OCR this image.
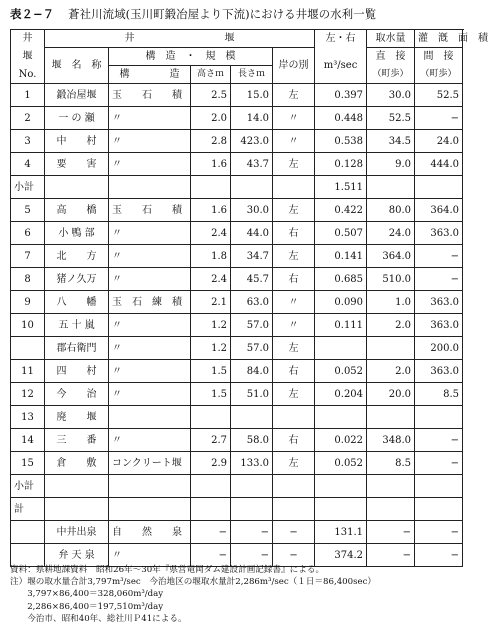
表２−７ 蒼社川流域(玉川町鍛冶屋より下流)における井堰の水利一覧
井	井　　　　　　　　　堰					左・右	取水量	灌　漑　面　積
堰	堰　名　称	構　造　・　規　模			岸の別	m³/sec	直　接	間　接
No.		構　　　　造	高さｍ	長さｍ			（町歩）	（町歩）
1	鍛冶屋堰	玉　　石　　積	2.5	15.0	左	0.397	30.0	52.5
2	一 の 瀬	〃	2.0	14.0	〃	0.448	52.5	−
3	中　　村	〃	2.8	423.0	〃	0.538	34.5	24.0
4	要　　害	〃	1.6	43.7	左	0.128	9.0	444.0
小計						1.511		
5	高　　橋	玉　　石　　積	1.6	30.0	左	0.422	80.0	364.0
6	小 鴨 部	〃	2.4	44.0	右	0.507	24.0	363.0
7	北　　方	〃	1.8	34.7	左	0.141	364.0	−
8	猪ノ久万	〃	2.4	45.7	右	0.685	510.0	−
9	八　　幡	玉　石　練　積	2.1	63.0	〃	0.090	1.0	363.0
10	五 十 嵐	〃	1.2	57.0	〃	0.111	2.0	363.0
	郡右衛門	〃	1.2	57.0	左			200.0
11	四　　村	〃	1.5	84.0	右	0.052	2.0	363.0
12	今　　治	〃	1.5	51.0	左	0.204	20.0	8.5
13	廃　　堰							
14	三　　番	〃	2.7	58.0	右	0.022	348.0	−
15	倉　　敷	コンクリート堰	2.9	133.0	左	0.052	8.5	−
小計								
計								
	中井出泉	自　　然　　泉	−	−	−	131.1	−	−
	弁 天 泉	〃	−	−	−	374.2	−	−
資料：県耕地課資料　昭和26年〜30年『県営竜岡ダム建設計画記録書』による。
注）堰の取水量合計3,797m³/sec　今治地区の堰取水量計2,286m³/sec（１日＝86,400sec）
　　3,797×86,400＝328,060m³/day
　　2,286×86,400＝197,510m³/day
　　今治市、昭和40年、総社川Ｐ41による。
